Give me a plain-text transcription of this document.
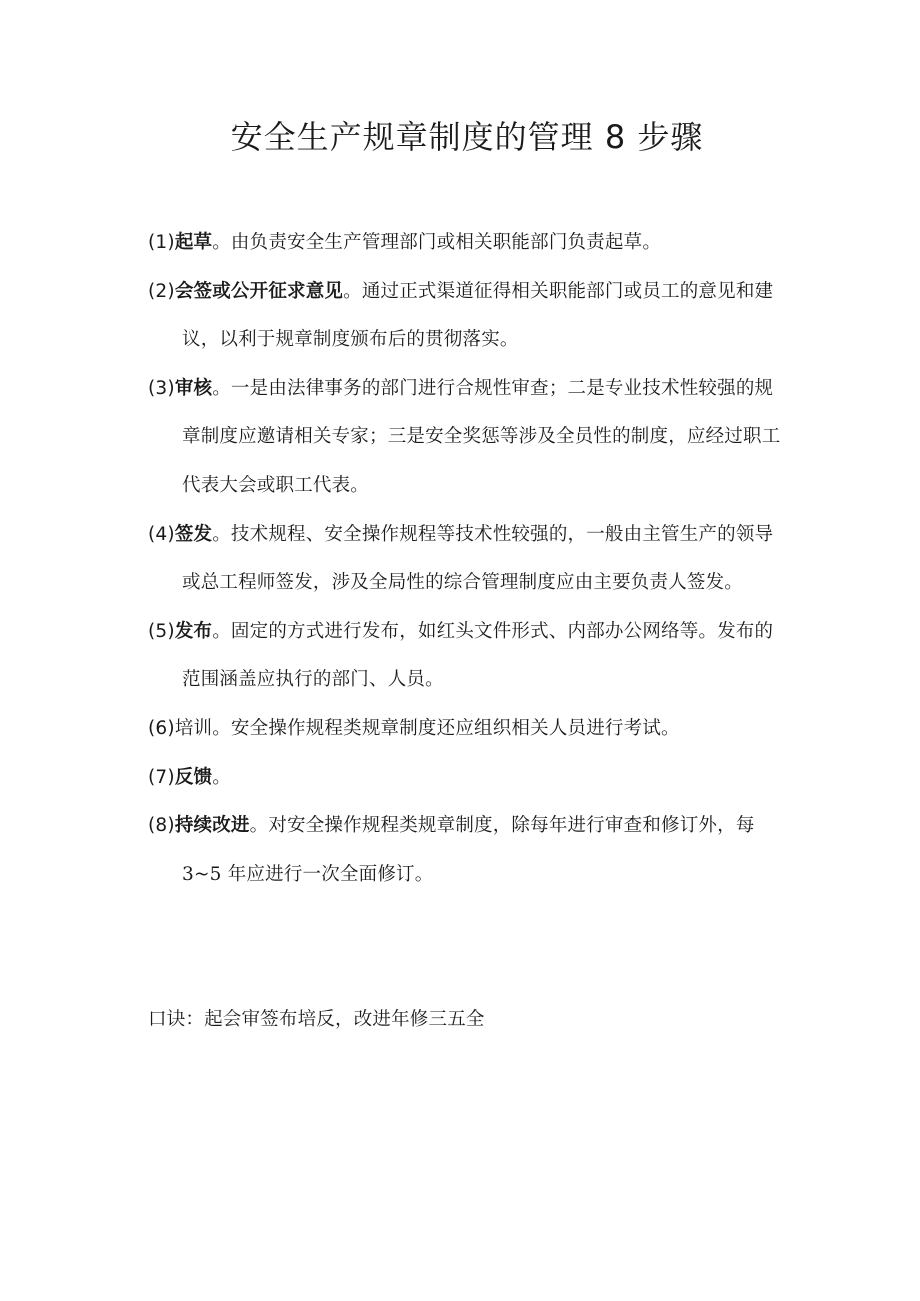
安全生产规章制度的管理 8 步骤
(1)起草。由负责安全生产管理部门或相关职能部门负责起草。
(2)会签或公开征求意见。通过正式渠道征得相关职能部门或员工的意见和建议，以利于规章制度颁布后的贯彻落实。
(3)审核。一是由法律事务的部门进行合规性审查；二是专业技术性较强的规章制度应邀请相关专家；三是安全奖惩等涉及全员性的制度，应经过职工代表大会或职工代表。
(4)签发。技术规程、安全操作规程等技术性较强的，一般由主管生产的领导或总工程师签发，涉及全局性的综合管理制度应由主要负责人签发。
(5)发布。固定的方式进行发布，如红头文件形式、内部办公网络等。发布的范围涵盖应执行的部门、人员。
(6)培训。安全操作规程类规章制度还应组织相关人员进行考试。
(7)反馈。
(8)持续改进。对安全操作规程类规章制度，除每年进行审查和修订外，每 3~5 年应进行一次全面修订。
口诀：起会审签布培反，改进年修三五全
